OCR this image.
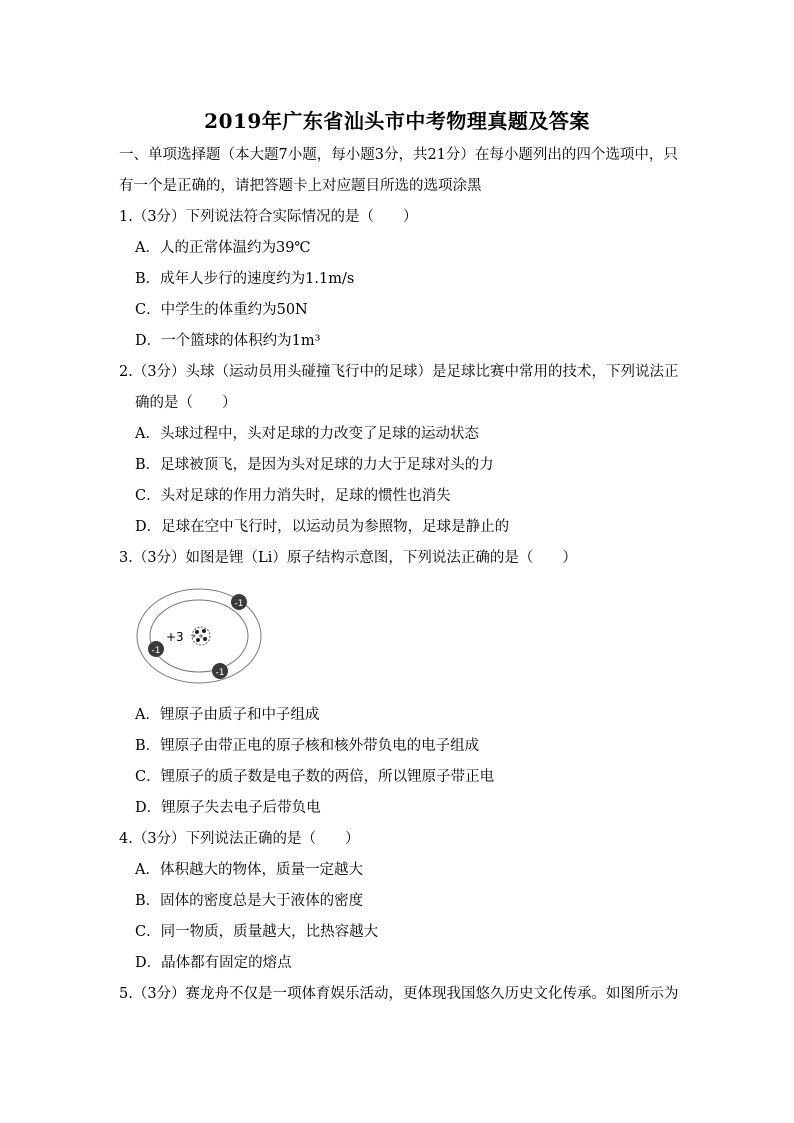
2019年广东省汕头市中考物理真题及答案
一、单项选择题（本大题7小题，每小题3分，共21分）在每小题列出的四个选项中，只
有一个是正确的，请把答题卡上对应题目所选的选项涂黑
1.（3分）下列说法符合实际情况的是（　　）
A．人的正常体温约为39℃
B．成年人步行的速度约为1.1m/s
C．中学生的体重约为50N
D．一个篮球的体积约为1m³
2.（3分）头球（运动员用头碰撞飞行中的足球）是足球比赛中常用的技术，下列说法正
确的是（　　）
A．头球过程中，头对足球的力改变了足球的运动状态
B．足球被顶飞，是因为头对足球的力大于足球对头的力
C．头对足球的作用力消失时，足球的惯性也消失
D．足球在空中飞行时，以运动员为参照物，足球是静止的
3.（3分）如图是锂（Li）原子结构示意图，下列说法正确的是（　　）
+3
-1
-1
-1
A．锂原子由质子和中子组成
B．锂原子由带正电的原子核和核外带负电的电子组成
C．锂原子的质子数是电子数的两倍，所以锂原子带正电
D．锂原子失去电子后带负电
4.（3分）下列说法正确的是（　　）
A．体积越大的物体，质量一定越大
B．固体的密度总是大于液体的密度
C．同一物质，质量越大，比热容越大
D．晶体都有固定的熔点
5.（3分）赛龙舟不仅是一项体育娱乐活动，更体现我国悠久历史文化传承。如图所示为
